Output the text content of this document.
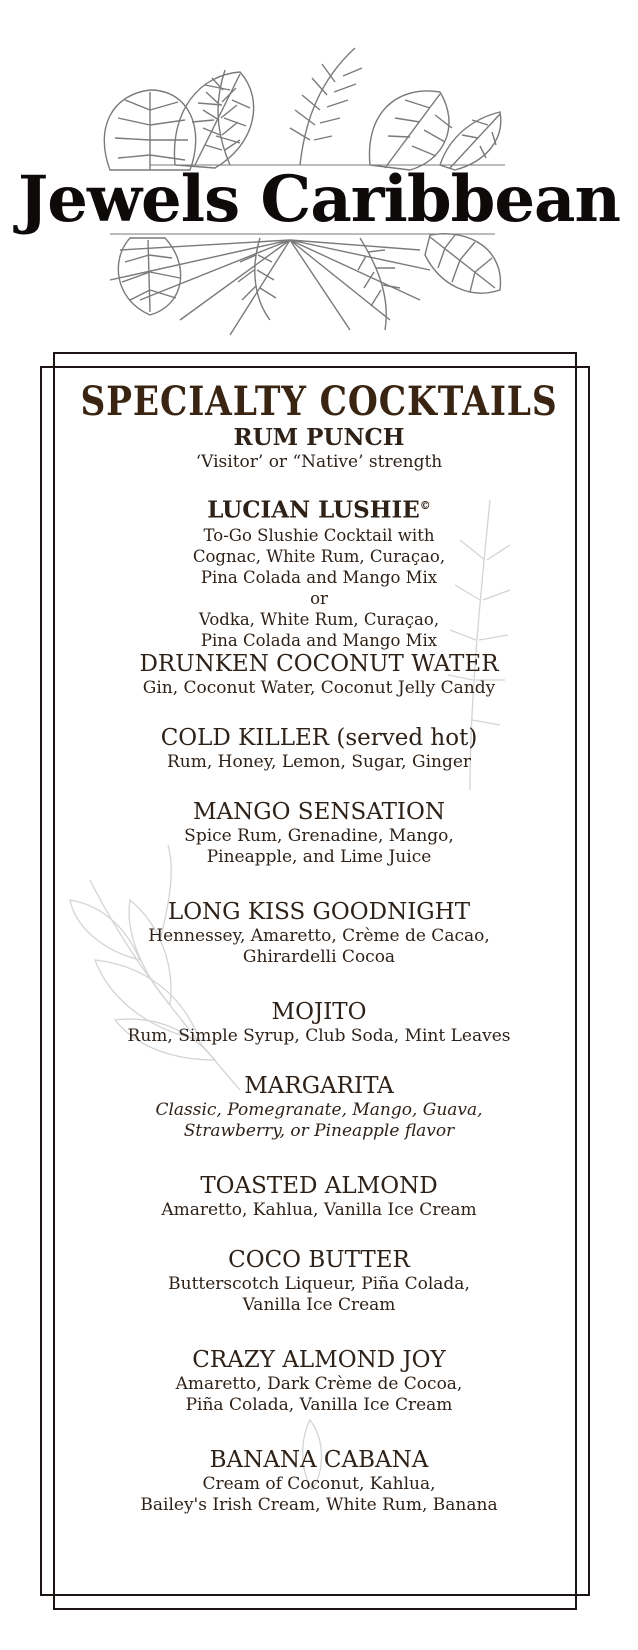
Jewels Caribbean
SPECIALTY COCKTAILS

RUM PUNCH

‘Visitor’ or “Native’ strength

LUCIAN LUSHIE©

To-Go Slushie Cocktail with

Cognac, White Rum, Curaçao,

Pina Colada and Mango Mix

or

Vodka, White Rum, Curaçao,

Pina Colada and Mango Mix

DRUNKEN COCONUT WATER

Gin, Coconut Water, Coconut Jelly Candy

COLD KILLER (served hot)

Rum, Honey, Lemon, Sugar, Ginger

MANGO SENSATION

Spice Rum, Grenadine, Mango,

Pineapple, and Lime Juice

LONG KISS GOODNIGHT

Hennessey, Amaretto, Crème de Cacao,

Ghirardelli Cocoa

MOJITO

Rum, Simple Syrup, Club Soda, Mint Leaves

MARGARITA

Classic, Pomegranate, Mango, Guava,

Strawberry, or Pineapple flavor

TOASTED ALMOND

Amaretto, Kahlua, Vanilla Ice Cream

COCO BUTTER

Butterscotch Liqueur, Piña Colada,

Vanilla Ice Cream

CRAZY ALMOND JOY

Amaretto, Dark Crème de Cocoa,

Piña Colada, Vanilla Ice Cream

BANANA CABANA

Cream of Coconut, Kahlua,

Bailey's Irish Cream, White Rum, Banana
